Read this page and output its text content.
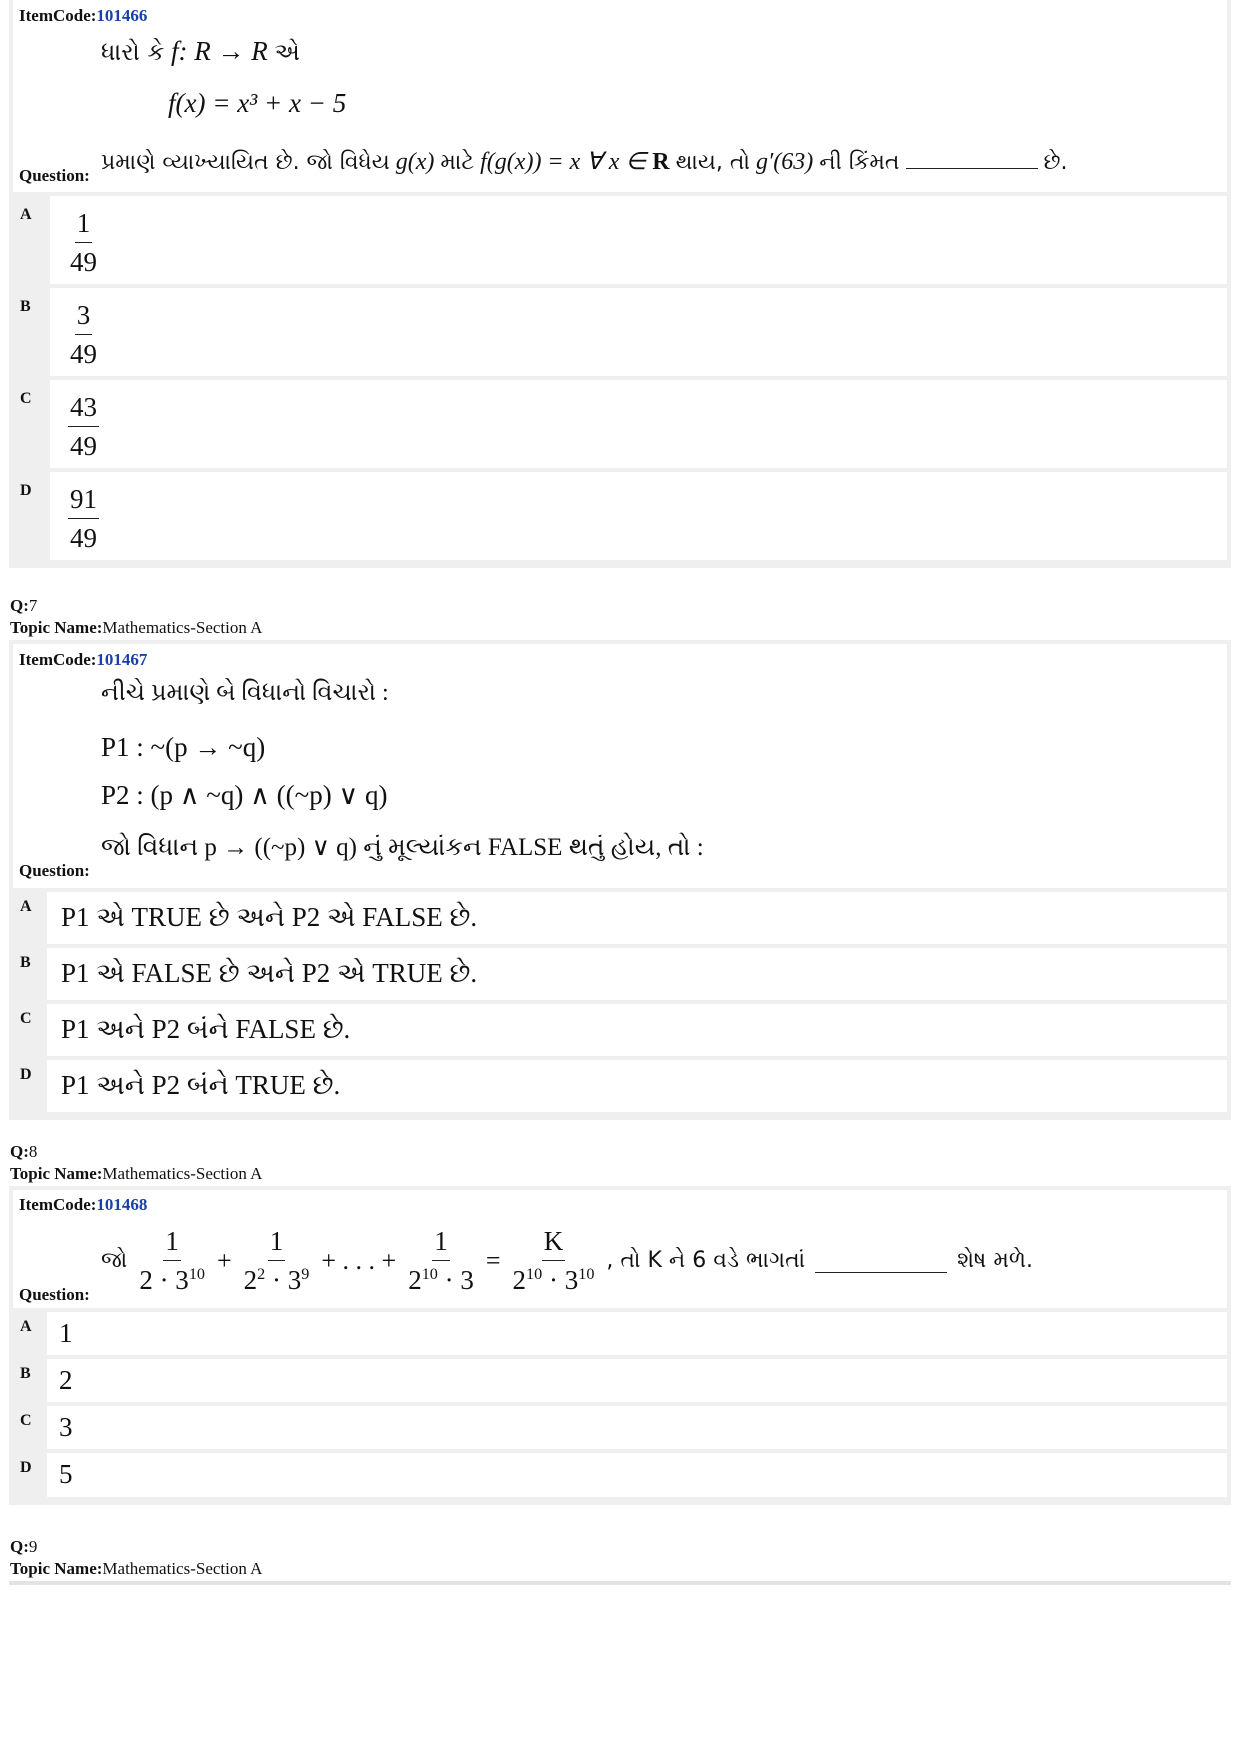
ItemCode:101466
ધારો કે f: R → R એ
f(x) = x³ + x − 5
Question:
પ્રમાણે વ્યાખ્યાયિત છે. જો વિધેય g(x) માટે f(g(x)) = x ∀ x ∈ R થાય, તો g′(63) ની કિંમત	છે.
$\frac{1}{49}$
A
$\frac{3}{49}$
B
$\frac{43}{49}$
C
$\frac{91}{49}$
D
Q:7
Topic Name:Mathematics-Section A
ItemCode:101467
નીચે પ્રમાણે બે વિધાનો વિચારો :
P1 : ~(p → ~q)
P2 : (p ∧ ~q) ∧ ((~p) ∨ q)
જો વિધાન p → ((~p) ∨ q) નું મૂલ્યાંકન FALSE થતું હોય, તો :
Question:
P1 એ TRUE છે અને P2 એ FALSE છે.
A
P1 એ FALSE છે અને P2 એ TRUE છે.
B
P1 અને P2 બંને FALSE છે.
C
P1 અને P2 બંને TRUE છે.
D
Q:8
Topic Name:Mathematics-Section A
ItemCode:101468
Question:
જો $\frac{1}{2 \cdot 3^{10}} + \frac{1}{2^2 \cdot 3^9}$ + . . . + $\frac{1}{2^{10} \cdot 3} = \frac{K}{2^{10} \cdot 3^{10}}$ , તો K ને 6 વડે ભાગતાં	શેષ મળે.
1
A
2
B
3
C
5
D
Q:9
Topic Name:Mathematics-Section A
